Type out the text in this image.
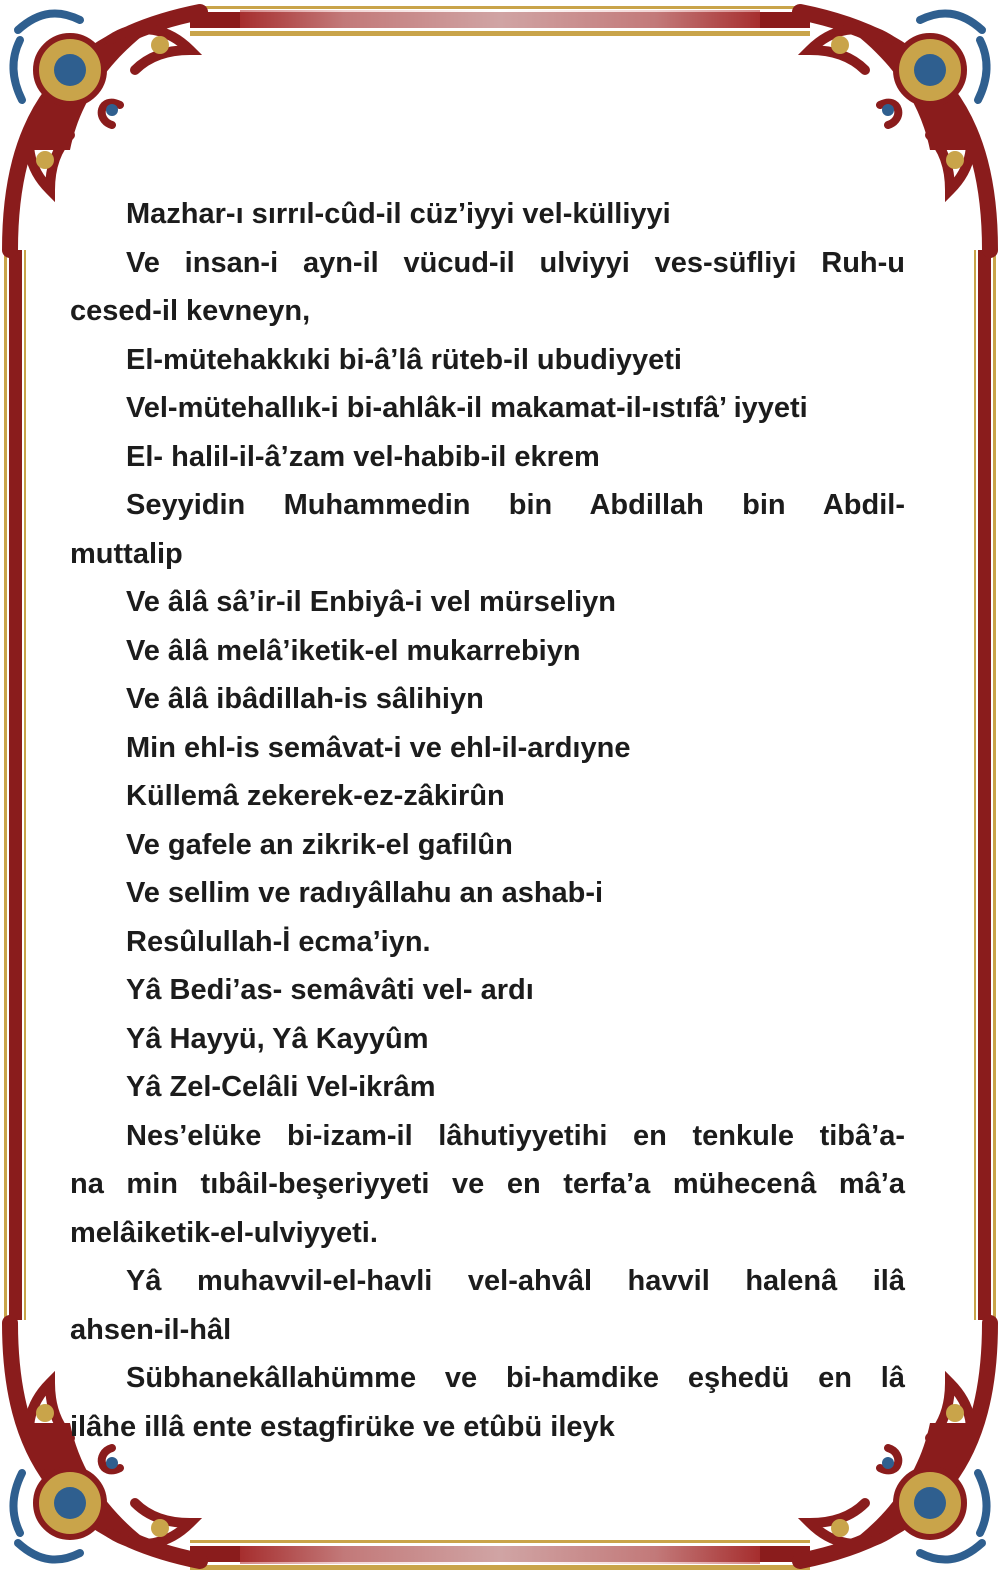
Mazhar-ı sırrıl-cûd-il cüz’iyyi vel-külliyyi

Ve insan-i ayn-il vücud-il ulviyyi ves-süfliyi Ruh-u

cesed-il kevneyn,

El-mütehakkıki bi-â’lâ rüteb-il ubudiyyeti

Vel-mütehallık-i bi-ahlâk-il makamat-il-ıstıfâ’ iyyeti

El- halil-il-â’zam vel-habib-il ekrem

Seyyidin Muhammedin bin Abdillah bin Abdil-

muttalip

Ve âlâ sâ’ir-il Enbiyâ-i vel mürseliyn

Ve âlâ melâ’iketik-el mukarrebiyn

Ve âlâ ibâdillah-is sâlihiyn

Min ehl-is semâvat-i ve ehl-il-ardıyne

Küllemâ zekerek-ez-zâkirûn

Ve gafele an zikrik-el gafilûn

Ve sellim ve radıyâllahu an ashab-i

Resûlullah-İ ecma’iyn.

Yâ Bedi’as- semâvâti vel- ardı

Yâ Hayyü, Yâ Kayyûm

Yâ Zel-Celâli Vel-ikrâm

Nes’elüke bi-izam-il lâhutiyyetihi en tenkule tibâ’a-

na min tıbâil-beşeriyyeti ve en terfa’a mühecenâ mâ’a

melâiketik-el-ulviyyeti.

Yâ muhavvil-el-havli vel-ahvâl havvil halenâ ilâ

ahsen-il-hâl

Sübhanekâllahümme ve bi-hamdike eşhedü en lâ

ilâhe illâ ente estagfirüke ve etûbü ileyk
